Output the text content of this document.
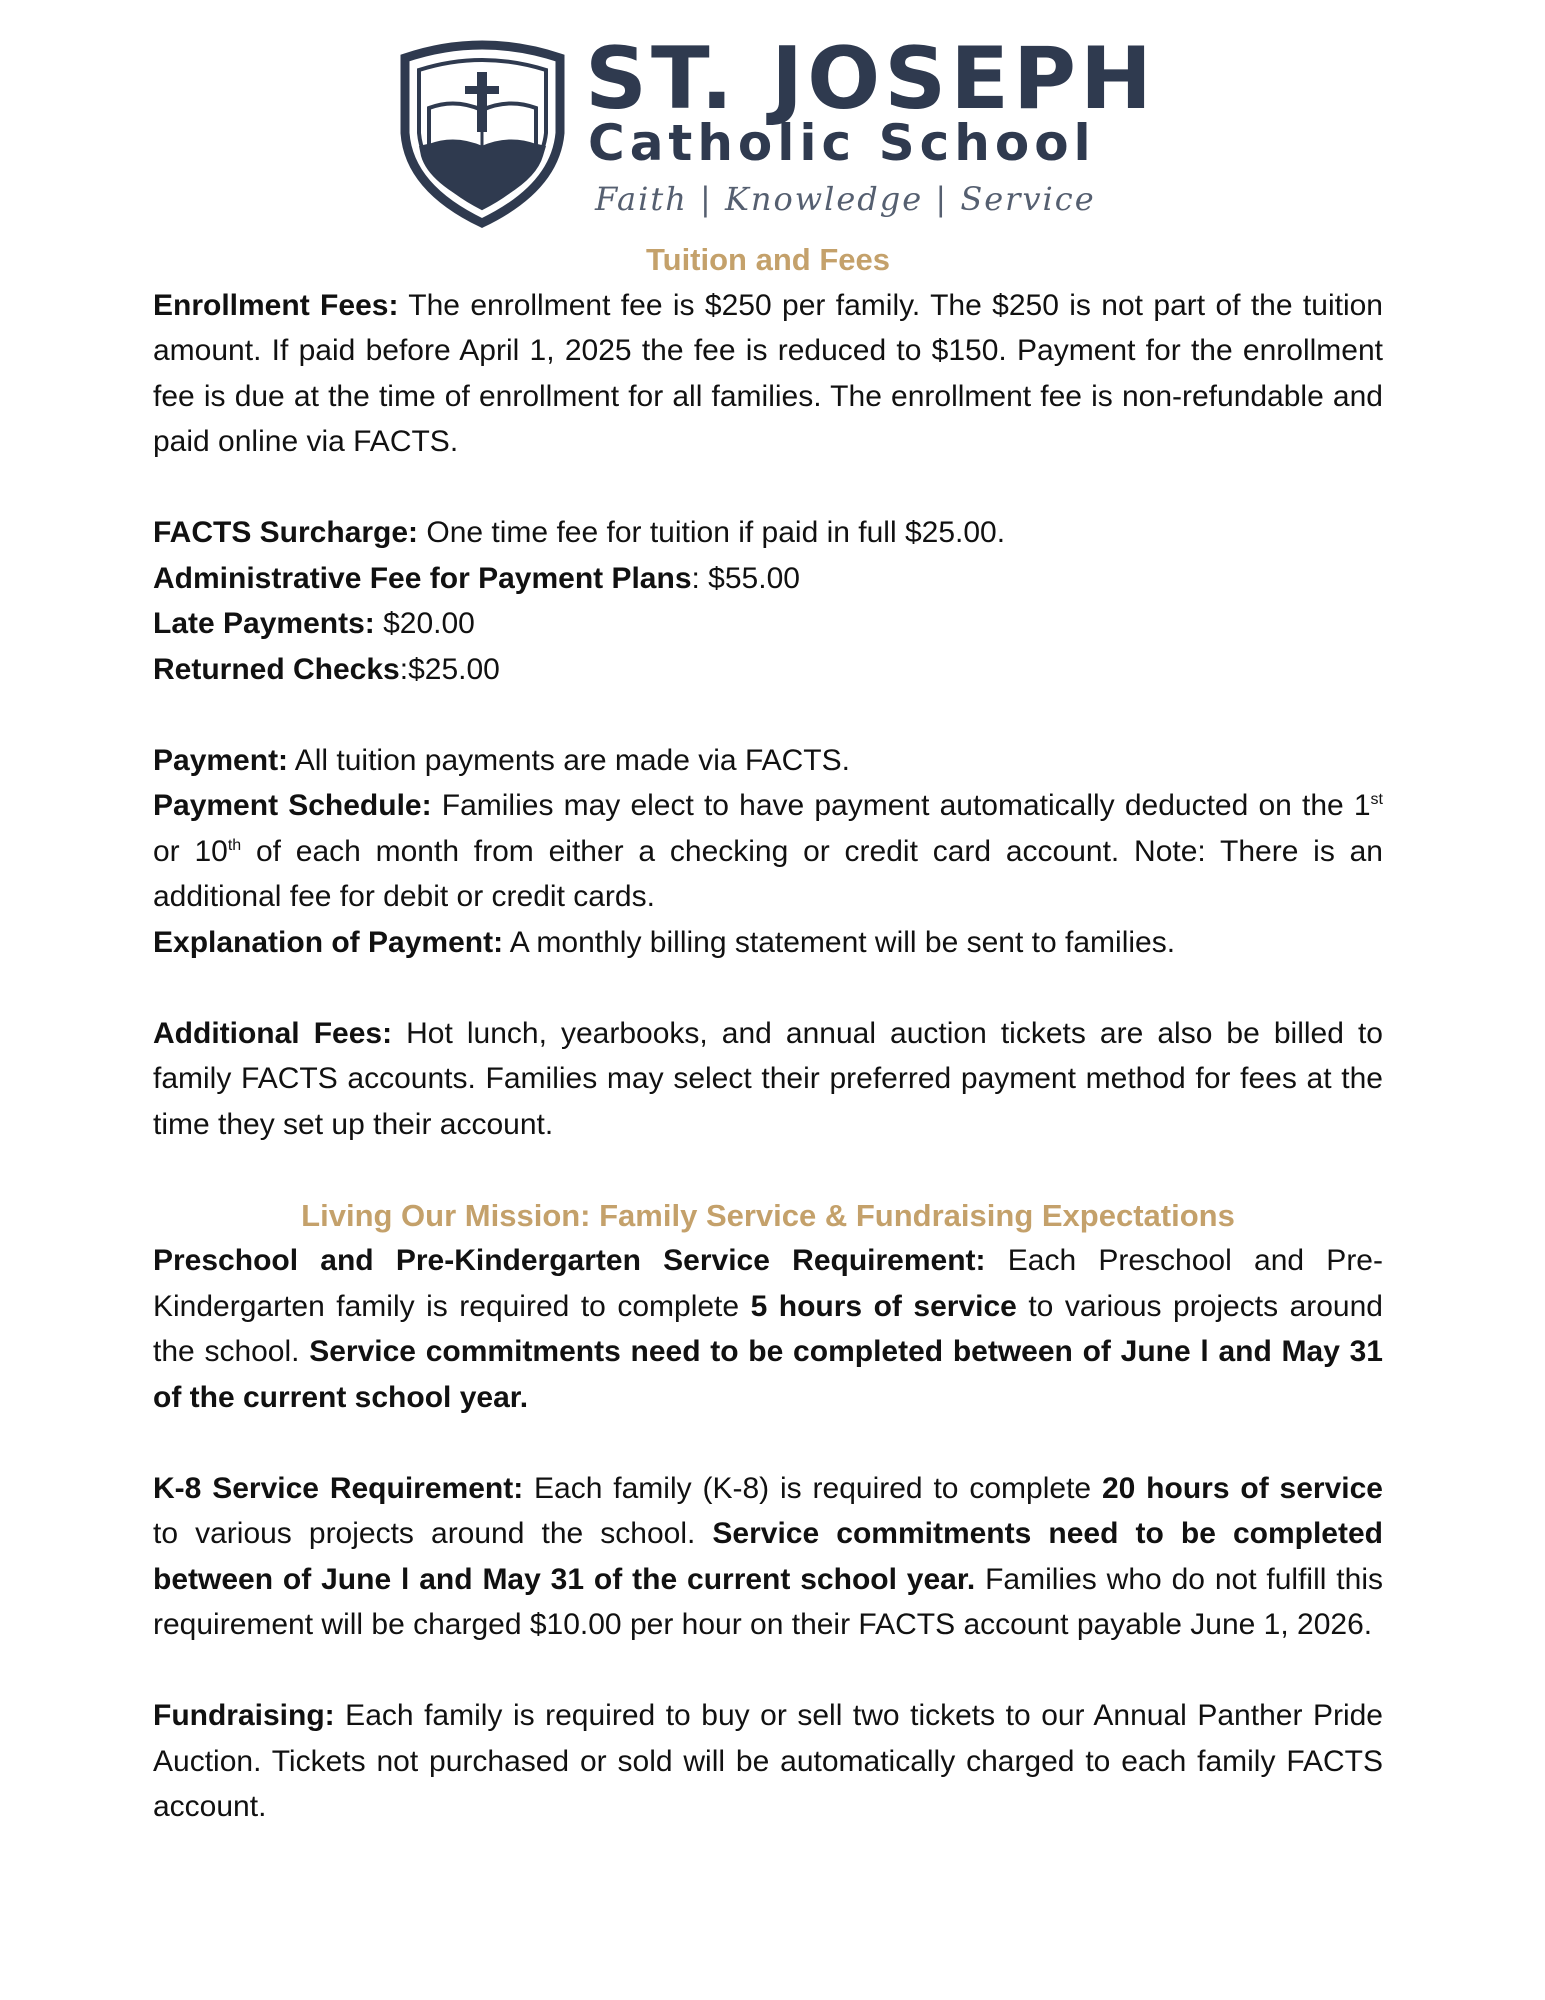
ST. JOSEPH
Catholic School
Faith | Knowledge | Service
Tuition and Fees

Enrollment Fees: The enrollment fee is $250 per family. The $250 is not part of the tuition amount. If paid before April 1, 2025 the fee is reduced to $150. Payment for the enrollment fee is due at the time of enrollment for all families. The enrollment fee is non-refundable and paid online via FACTS.

FACTS Surcharge: One time fee for tuition if paid in full $25.00.

Administrative Fee for Payment Plans: $55.00

Late Payments: $20.00

Returned Checks:$25.00

Payment: All tuition payments are made via FACTS.

Payment Schedule: Families may elect to have payment automatically deducted on the 1st or 10th of each month from either a checking or credit card account. Note: There is an additional fee for debit or credit cards.

Explanation of Payment: A monthly billing statement will be sent to families.

Additional Fees: Hot lunch, yearbooks, and annual auction tickets are also be billed to family FACTS accounts. Families may select their preferred payment method for fees at the time they set up their account.

Living Our Mission: Family Service & Fundraising Expectations

Preschool and Pre-Kindergarten Service Requirement: Each Preschool and Pre-Kindergarten family is required to complete 5 hours of service to various projects around the school. Service commitments need to be completed between of June l and May 31 of the current school year.

K-8 Service Requirement: Each family (K-8) is required to complete 20 hours of service to various projects around the school. Service commitments need to be completed between of June l and May 31 of the current school year. Families who do not fulfill this requirement will be charged $10.00 per hour on their FACTS account payable June 1, 2026.

Fundraising: Each family is required to buy or sell two tickets to our Annual Panther Pride Auction. Tickets not purchased or sold will be automatically charged to each family FACTS account.
